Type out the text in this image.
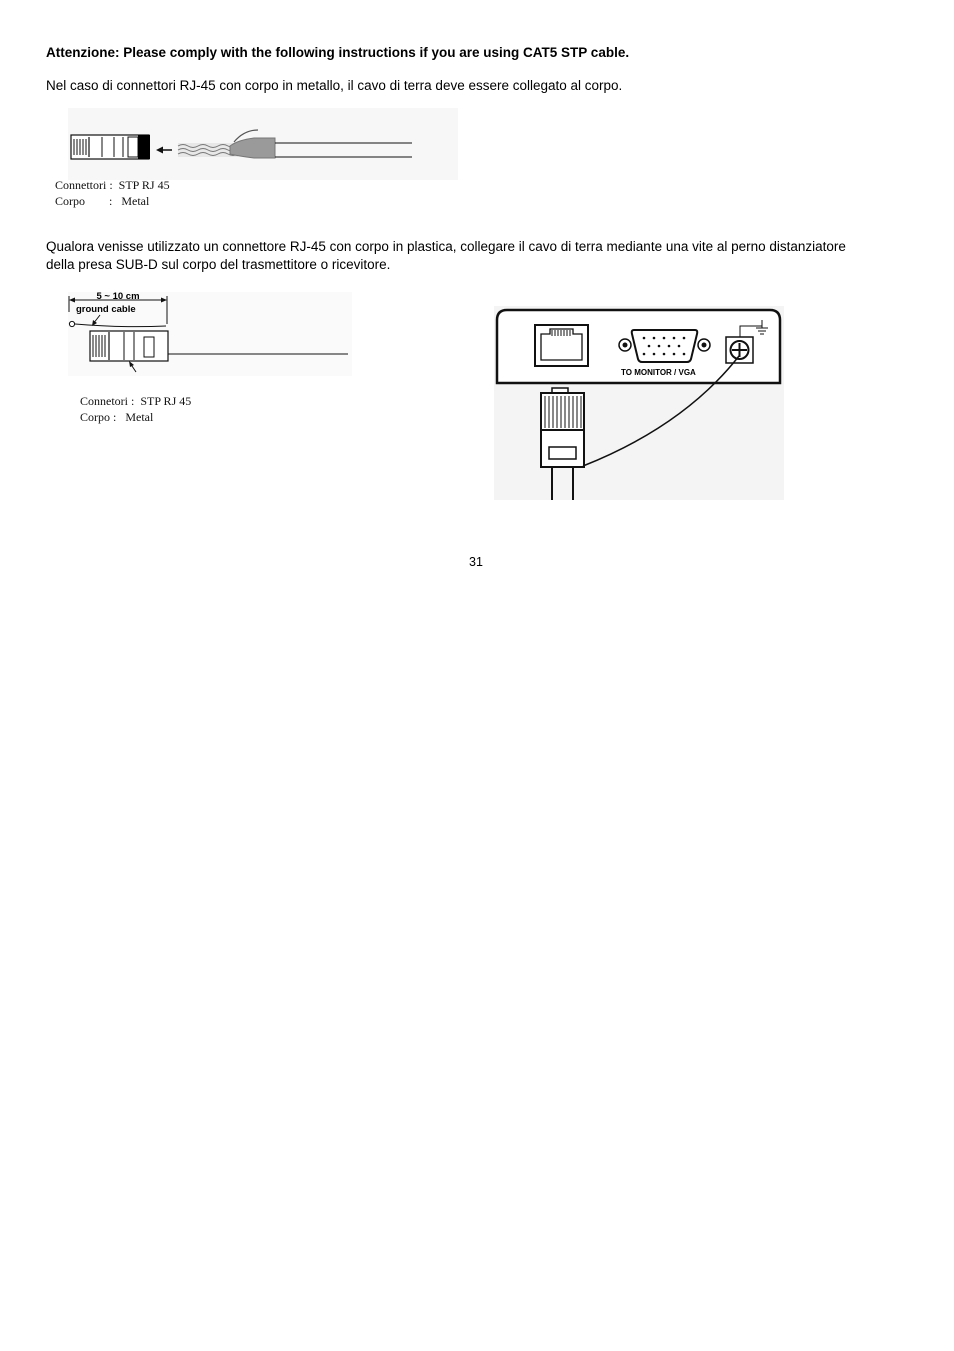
Attenzione: Please comply with the following instructions if you are using CAT5 STP cable.
Nel caso di connettori RJ-45 con corpo in metallo, il cavo di terra deve essere collegato al corpo.
Connettori :  STP RJ 45
Corpo        :   Metal
Qualora venisse utilizzato un connettore RJ-45 con corpo in plastica, collegare il cavo di terra mediante una vite al perno distanziatore
della presa SUB-D sul corpo del trasmettitore o ricevitore.
5 ~ 10 cm
ground cable
Connetori :  STP RJ 45
Corpo :   Metal
TO MONITOR / VGA
31
